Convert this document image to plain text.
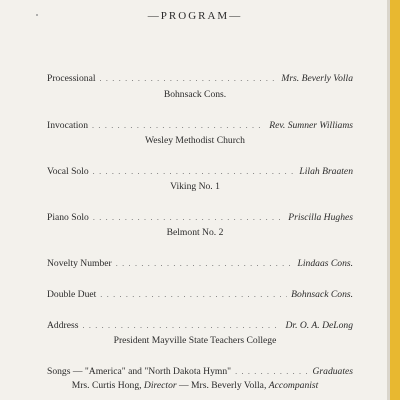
—PROGRAM—
Processional . . .	Mrs. Beverly Volla
Bohnsack Cons.
Invocation . . .	Rev. Sumner Williams
Wesley Methodist Church
Vocal Solo . . .	Lilah Braaten
Viking No. 1
Piano Solo . . .	Priscilla Hughes
Belmont No. 2
Novelty Number . . .	Lindaas Cons.
Double Duet . . .	Bohnsack Cons.
Address . . .	Dr. O. A. DeLong
President Mayville State Teachers College
Songs — "America" and "North Dakota Hymn" . . .	Graduates
Mrs. Curtis Hong, Director — Mrs. Beverly Volla, Accompanist
